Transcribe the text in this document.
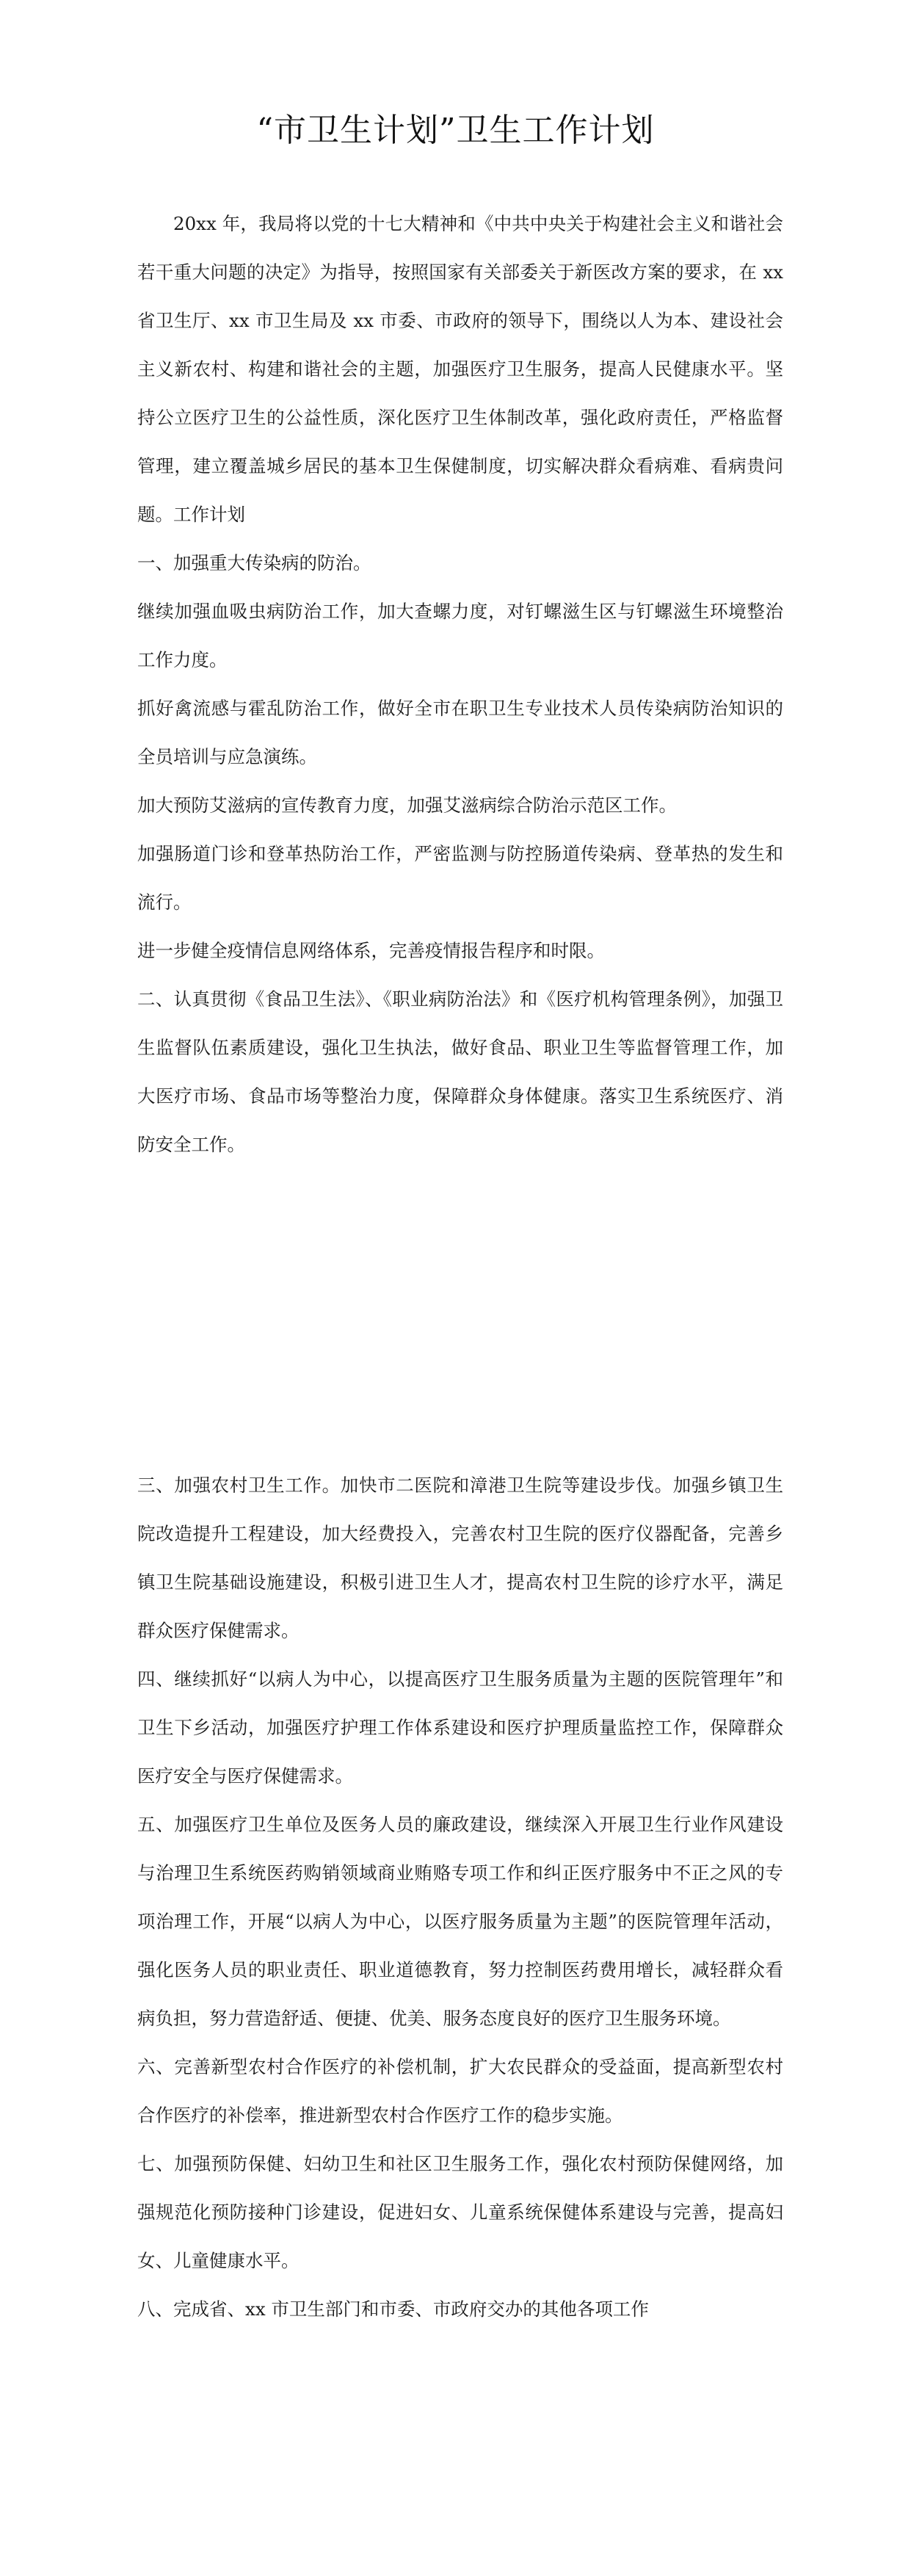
“市卫生计划”卫生工作计划

20xx 年，我局将以党的十七大精神和《中共中央关于构建社会主义和谐社会若干重大问题的决定》为指导，按照国家有关部委关于新医改方案的要求，在 xx 省卫生厅、xx 市卫生局及 xx 市委、市政府的领导下，围绕以人为本、建设社会主义新农村、构建和谐社会的主题，加强医疗卫生服务，提高人民健康水平。坚持公立医疗卫生的公益性质，深化医疗卫生体制改革，强化政府责任，严格监督管理，建立覆盖城乡居民的基本卫生保健制度，切实解决群众看病难、看病贵问题。工作计划

一、加强重大传染病的防治。

继续加强血吸虫病防治工作，加大查螺力度，对钉螺滋生区与钉螺滋生环境整治工作力度。

抓好禽流感与霍乱防治工作，做好全市在职卫生专业技术人员传染病防治知识的全员培训与应急演练。

加大预防艾滋病的宣传教育力度，加强艾滋病综合防治示范区工作。

加强肠道门诊和登革热防治工作，严密监测与防控肠道传染病、登革热的发生和流行。

进一步健全疫情信息网络体系，完善疫情报告程序和时限。

二、认真贯彻《食品卫生法》、《职业病防治法》和《医疗机构管理条例》，加强卫生监督队伍素质建设，强化卫生执法，做好食品、职业卫生等监督管理工作，加大医疗市场、食品市场等整治力度，保障群众身体健康。落实卫生系统医疗、消防安全工作。

三、加强农村卫生工作。加快市二医院和漳港卫生院等建设步伐。加强乡镇卫生院改造提升工程建设，加大经费投入，完善农村卫生院的医疗仪器配备，完善乡镇卫生院基础设施建设，积极引进卫生人才，提高农村卫生院的诊疗水平，满足群众医疗保健需求。

四、继续抓好“以病人为中心，以提高医疗卫生服务质量为主题的医院管理年”和卫生下乡活动，加强医疗护理工作体系建设和医疗护理质量监控工作，保障群众医疗安全与医疗保健需求。

五、加强医疗卫生单位及医务人员的廉政建设，继续深入开展卫生行业作风建设与治理卫生系统医药购销领域商业贿赂专项工作和纠正医疗服务中不正之风的专项治理工作，开展“以病人为中心，以医疗服务质量为主题”的医院管理年活动，强化医务人员的职业责任、职业道德教育，努力控制医药费用增长，减轻群众看病负担，努力营造舒适、便捷、优美、服务态度良好的医疗卫生服务环境。

六、完善新型农村合作医疗的补偿机制，扩大农民群众的受益面，提高新型农村合作医疗的补偿率，推进新型农村合作医疗工作的稳步实施。

七、加强预防保健、妇幼卫生和社区卫生服务工作，强化农村预防保健网络，加强规范化预防接种门诊建设，促进妇女、儿童系统保健体系建设与完善，提高妇女、儿童健康水平。

八、完成省、xx 市卫生部门和市委、市政府交办的其他各项工作
